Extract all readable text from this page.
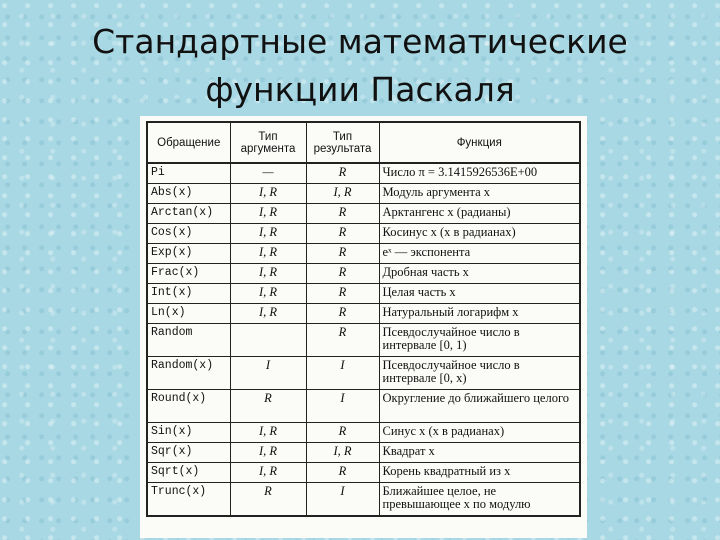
Стандартные математические
функции Паскаля
Обращение	Тип аргумента	Тип результата	Функция
Pi	—	R	Число π = 3.1415926536E+00
Abs(x)	I, R	I, R	Модуль аргумента x
Arctan(x)	I, R	R	Арктангенс x (радианы)
Cos(x)	I, R	R	Косинус x (x в радианах)
Exp(x)	I, R	R	eˣ — экспонента
Frac(x)	I, R	R	Дробная часть x
Int(x)	I, R	R	Целая часть x
Ln(x)	I, R	R	Натуральный логарифм x
Random		R	Псевдослучайное число в интервале [0, 1)
Random(x)	I	I	Псевдослучайное число в интервале [0, x)
Round(x)	R	I	Округление до ближайшего целого
Sin(x)	I, R	R	Синус x (x в радианах)
Sqr(x)	I, R	I, R	Квадрат x
Sqrt(x)	I, R	R	Корень квадратный из x
Trunc(x)	R	I	Ближайшее целое, не превышающее x по модулю
